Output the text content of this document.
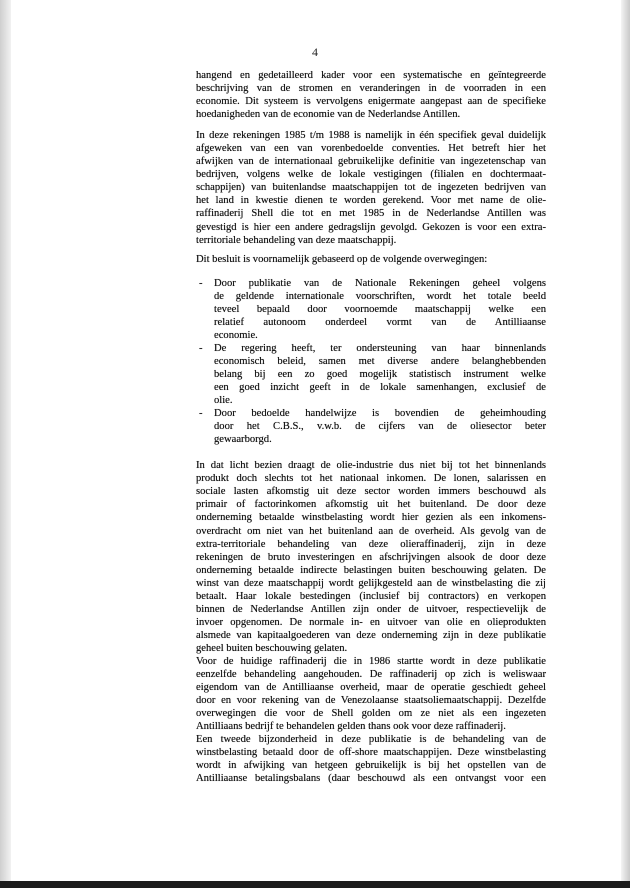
4
hangend en gedetailleerd kader voor een systematische en geïntegreerde
beschrijving van de stromen en veranderingen in de voorraden in een
economie. Dit systeem is vervolgens enigermate aangepast aan de specifieke
hoedanigheden van de economie van de Nederlandse Antillen.
In deze rekeningen 1985 t/m 1988 is namelijk in één specifiek geval duidelijk
afgeweken van een van vorenbedoelde conventies. Het betreft hier het
afwijken van de internationaal gebruikelijke definitie van ingezetenschap van
bedrijven, volgens welke de lokale vestigingen (filialen en dochtermaat-
schappijen) van buitenlandse maatschappijen tot de ingezeten bedrijven van
het land in kwestie dienen te worden gerekend. Voor met name de olie-
raffinaderij Shell die tot en met 1985 in de Nederlandse Antillen was
gevestigd is hier een andere gedragslijn gevolgd. Gekozen is voor een extra-
territoriale behandeling van deze maatschappij.
Dit besluit is voornamelijk gebaseerd op de volgende overwegingen:
- Door publikatie van de Nationale Rekeningen geheel volgens
de geldende internationale voorschriften, wordt het totale beeld
teveel bepaald door voornoemde maatschappij welke een
relatief autonoom onderdeel vormt van de Antilliaanse
economie.
- De regering heeft, ter ondersteuning van haar binnenlands
economisch beleid, samen met diverse andere belanghebbenden
belang bij een zo goed mogelijk statistisch instrument welke
een goed inzicht geeft in de lokale samenhangen, exclusief de
olie.
- Door bedoelde handelwijze is bovendien de geheimhouding
door het C.B.S., v.w.b. de cijfers van de oliesector beter
gewaarborgd.
In dat licht bezien draagt de olie-industrie dus niet bij tot het binnenlands
produkt doch slechts tot het nationaal inkomen. De lonen, salarissen en
sociale lasten afkomstig uit deze sector worden immers beschouwd als
primair of factorinkomen afkomstig uit het buitenland. De door deze
onderneming betaalde winstbelasting wordt hier gezien als een inkomens-
overdracht om niet van het buitenland aan de overheid. Als gevolg van de
extra-territoriale behandeling van deze olieraffinaderij, zijn in deze
rekeningen de bruto investeringen en afschrijvingen alsook de door deze
onderneming betaalde indirecte belastingen buiten beschouwing gelaten. De
winst van deze maatschappij wordt gelijkgesteld aan de winstbelasting die zij
betaalt. Haar lokale bestedingen (inclusief bij contractors) en verkopen
binnen de Nederlandse Antillen zijn onder de uitvoer, respectievelijk de
invoer opgenomen. De normale in- en uitvoer van olie en olieprodukten
alsmede van kapitaalgoederen van deze onderneming zijn in deze publikatie
geheel buiten beschouwing gelaten.
Voor de huidige raffinaderij die in 1986 startte wordt in deze publikatie
eenzelfde behandeling aangehouden. De raffinaderij op zich is weliswaar
eigendom van de Antilliaanse overheid, maar de operatie geschiedt geheel
door en voor rekening van de Venezolaanse staatsoliemaatschappij. Dezelfde
overwegingen die voor de Shell golden om ze niet als een ingezeten
Antilliaans bedrijf te behandelen gelden thans ook voor deze raffinaderij.
Een tweede bijzonderheid in deze publikatie is de behandeling van de
winstbelasting betaald door de off-shore maatschappijen. Deze winstbelasting
wordt in afwijking van hetgeen gebruikelijk is bij het opstellen van de
Antilliaanse betalingsbalans (daar beschouwd als een ontvangst voor een
